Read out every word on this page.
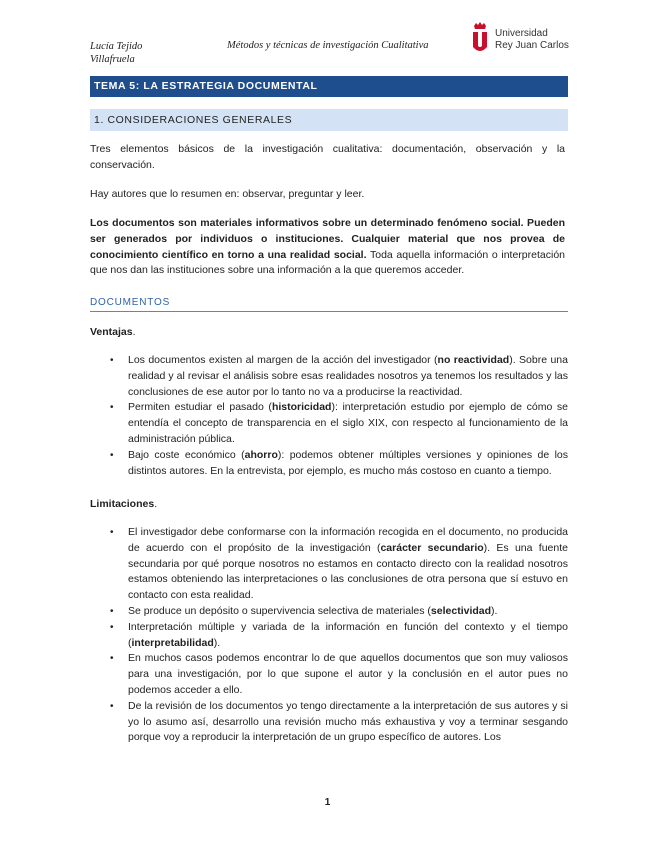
Lucía Tejido
Villafruela
Métodos y técnicas de investigación Cualitativa
Universidad
Rey Juan Carlos
TEMA 5: LA ESTRATEGIA DOCUMENTAL
1. CONSIDERACIONES GENERALES

Tres elementos básicos de la investigación cualitativa: documentación, observación y la conservación.

Hay autores que lo resumen en: observar, preguntar y leer.

Los documentos son materiales informativos sobre un determinado fenómeno social. Pueden ser generados por individuos o instituciones. Cualquier material que nos provea de conocimiento científico en torno a una realidad social. Toda aquella información o interpretación que nos dan las instituciones sobre una información a la que queremos acceder.

DOCUMENTOS
Ventajas.
• Los documentos existen al margen de la acción del investigador (no reactividad). Sobre una realidad y al revisar el análisis sobre esas realidades nosotros ya tenemos los resultados y las conclusiones de ese autor por lo tanto no va a producirse la reactividad.
• Permiten estudiar el pasado (historicidad): interpretación estudio por ejemplo de cómo se entendía el concepto de transparencia en el siglo XIX, con respecto al funcionamiento de la administración pública.
• Bajo coste económico (ahorro): podemos obtener múltiples versiones y opiniones de los distintos autores. En la entrevista, por ejemplo, es mucho más costoso en cuanto a tiempo.
Limitaciones.
• El investigador debe conformarse con la información recogida en el documento, no producida de acuerdo con el propósito de la investigación (carácter secundario). Es una fuente secundaria por qué porque nosotros no estamos en contacto directo con la realidad nosotros estamos obteniendo las interpretaciones o las conclusiones de otra persona que sí estuvo en contacto con esta realidad.
• Se produce un depósito o supervivencia selectiva de materiales (selectividad).
• Interpretación múltiple y variada de la información en función del contexto y el tiempo (interpretabilidad).
• En muchos casos podemos encontrar lo de que aquellos documentos que son muy valiosos para una investigación, por lo que supone el autor y la conclusión en el autor pues no podemos acceder a ello.
• De la revisión de los documentos yo tengo directamente a la interpretación de sus autores y si yo lo asumo así, desarrollo una revisión mucho más exhaustiva y voy a terminar sesgando porque voy a reproducir la interpretación de un grupo específico de autores. Los
1
